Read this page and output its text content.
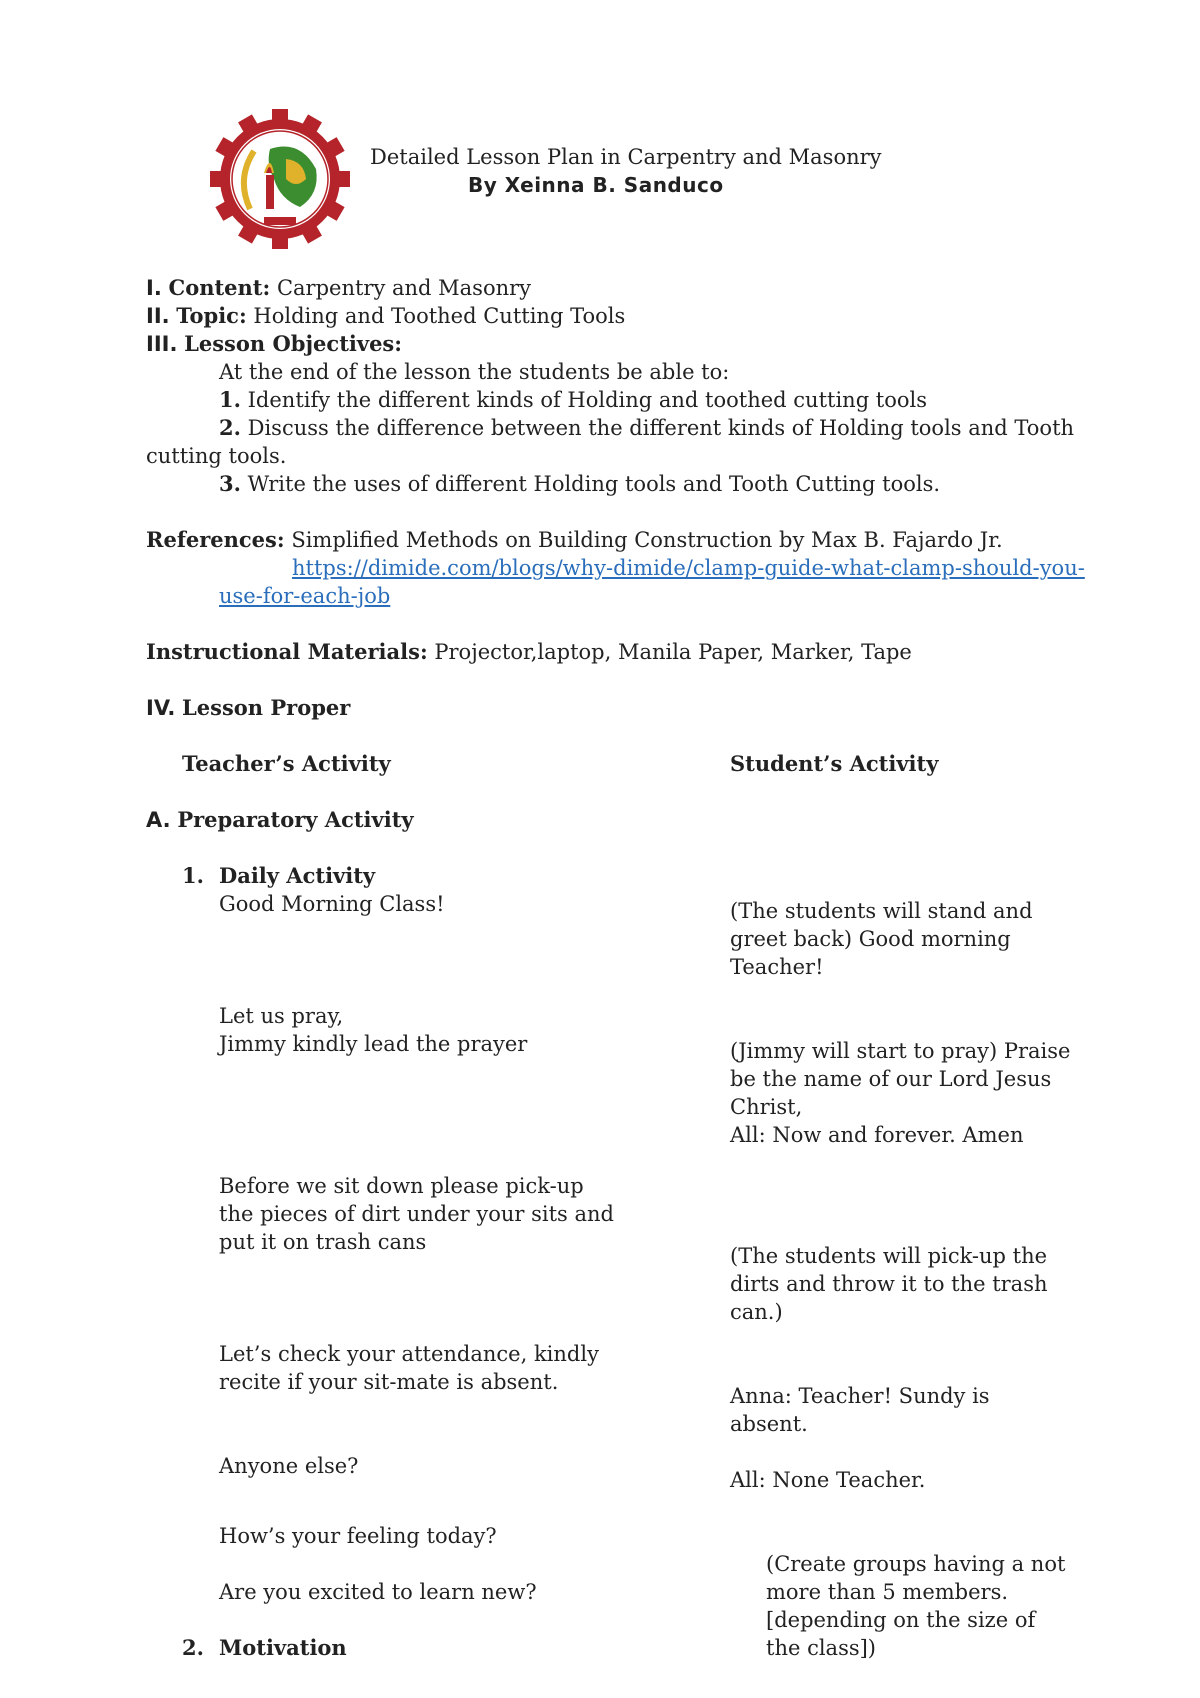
Detailed Lesson Plan in Carpentry and Masonry
By Xeinna B. Sanduco
I. Content: Carpentry and Masonry
II. Topic: Holding and Toothed Cutting Tools
III. Lesson Objectives:
At the end of the lesson the students be able to:
1. Identify the different kinds of Holding and toothed cutting tools
2. Discuss the difference between the different kinds of Holding tools and Tooth
cutting tools.
3. Write the uses of different Holding tools and Tooth Cutting tools.
References: Simplified Methods on Building Construction by Max B. Fajardo Jr.
https://dimide.com/blogs/why-dimide/clamp-guide-what-clamp-should-you-
use-for-each-job
Instructional Materials: Projector,laptop, Manila Paper, Marker, Tape
IV. Lesson Proper
Teacher’s Activity	Student’s Activity
A. Preparatory Activity
1. Daily Activity
Good Morning Class!
Let us pray,
Jimmy kindly lead the prayer
Before we sit down please pick-up
the pieces of dirt under your sits and
put it on trash cans
Let’s check your attendance, kindly
recite if your sit-mate is absent.
Anyone else?
How’s your feeling today?
Are you excited to learn new?
(The students will stand and
greet back) Good morning
Teacher!
(Jimmy will start to pray) Praise
be the name of our Lord Jesus
Christ,
All: Now and forever. Amen
(The students will pick-up the
dirts and throw it to the trash
can.)
Anna: Teacher! Sundy is
absent.
All: None Teacher.
(Create groups having a not
more than 5 members.
[depending on the size of
the class])
2. Motivation
